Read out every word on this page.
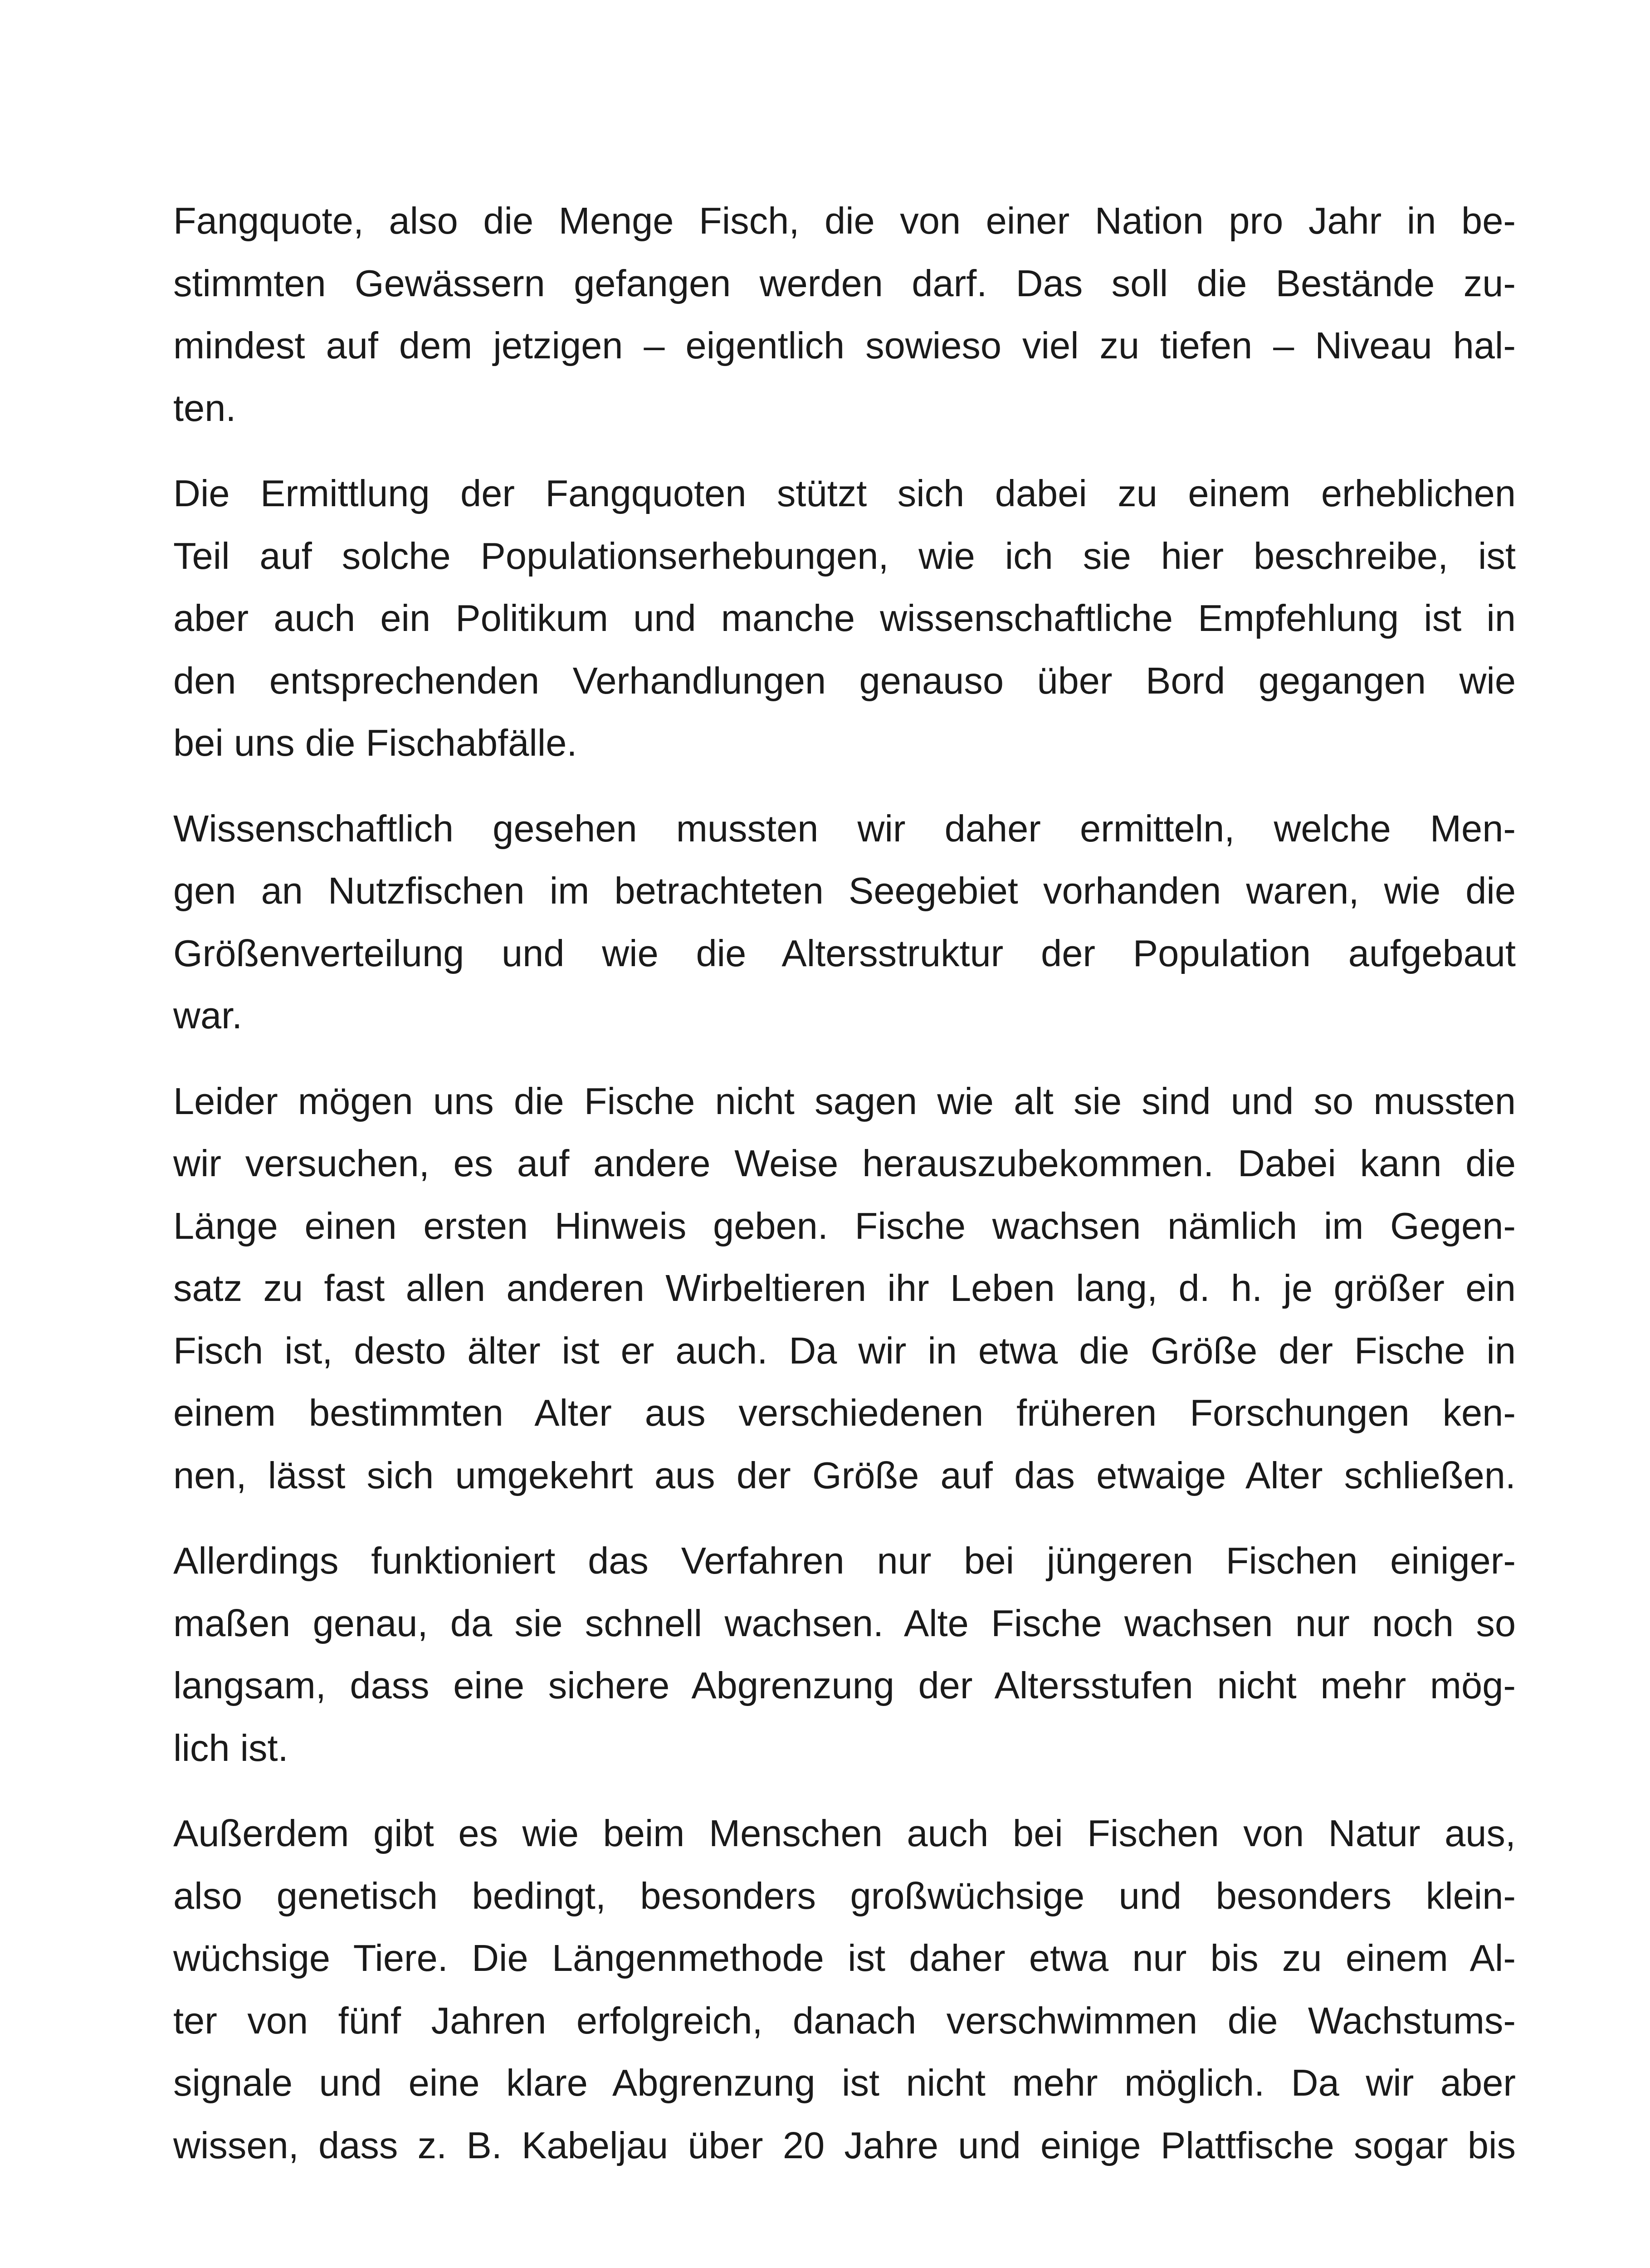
Fangquote, also die Menge Fisch, die von einer Nation pro Jahr in be-
stimmten Gewässern gefangen werden darf. Das soll die Bestände zu-
mindest auf dem jetzigen – eigentlich sowieso viel zu tiefen – Niveau hal-
ten.
Die Ermittlung der Fangquoten stützt sich dabei zu einem erheblichen
Teil auf solche Populationserhebungen, wie ich sie hier beschreibe, ist
aber auch ein Politikum und manche wissenschaftliche Empfehlung ist in
den entsprechenden Verhandlungen genauso über Bord gegangen wie
bei uns die Fischabfälle.
Wissenschaftlich gesehen mussten wir daher ermitteln, welche Men-
gen an Nutzfischen im betrachteten Seegebiet vorhanden waren, wie die
Größenverteilung und wie die Altersstruktur der Population aufgebaut
war.
Leider mögen uns die Fische nicht sagen wie alt sie sind und so mussten
wir versuchen, es auf andere Weise herauszubekommen. Dabei kann die
Länge einen ersten Hinweis geben. Fische wachsen nämlich im Gegen-
satz zu fast allen anderen Wirbeltieren ihr Leben lang, d. h. je größer ein
Fisch ist, desto älter ist er auch. Da wir in etwa die Größe der Fische in
einem bestimmten Alter aus verschiedenen früheren Forschungen ken-
nen, lässt sich umgekehrt aus der Größe auf das etwaige Alter schließen.
Allerdings funktioniert das Verfahren nur bei jüngeren Fischen einiger-
maßen genau, da sie schnell wachsen. Alte Fische wachsen nur noch so
langsam, dass eine sichere Abgrenzung der Altersstufen nicht mehr mög-
lich ist.
Außerdem gibt es wie beim Menschen auch bei Fischen von Natur aus,
also genetisch bedingt, besonders großwüchsige und besonders klein-
wüchsige Tiere. Die Längenmethode ist daher etwa nur bis zu einem Al-
ter von fünf Jahren erfolgreich, danach verschwimmen die Wachstums-
signale und eine klare Abgrenzung ist nicht mehr möglich. Da wir aber
wissen, dass z. B. Kabeljau über 20 Jahre und einige Plattfische sogar bis
